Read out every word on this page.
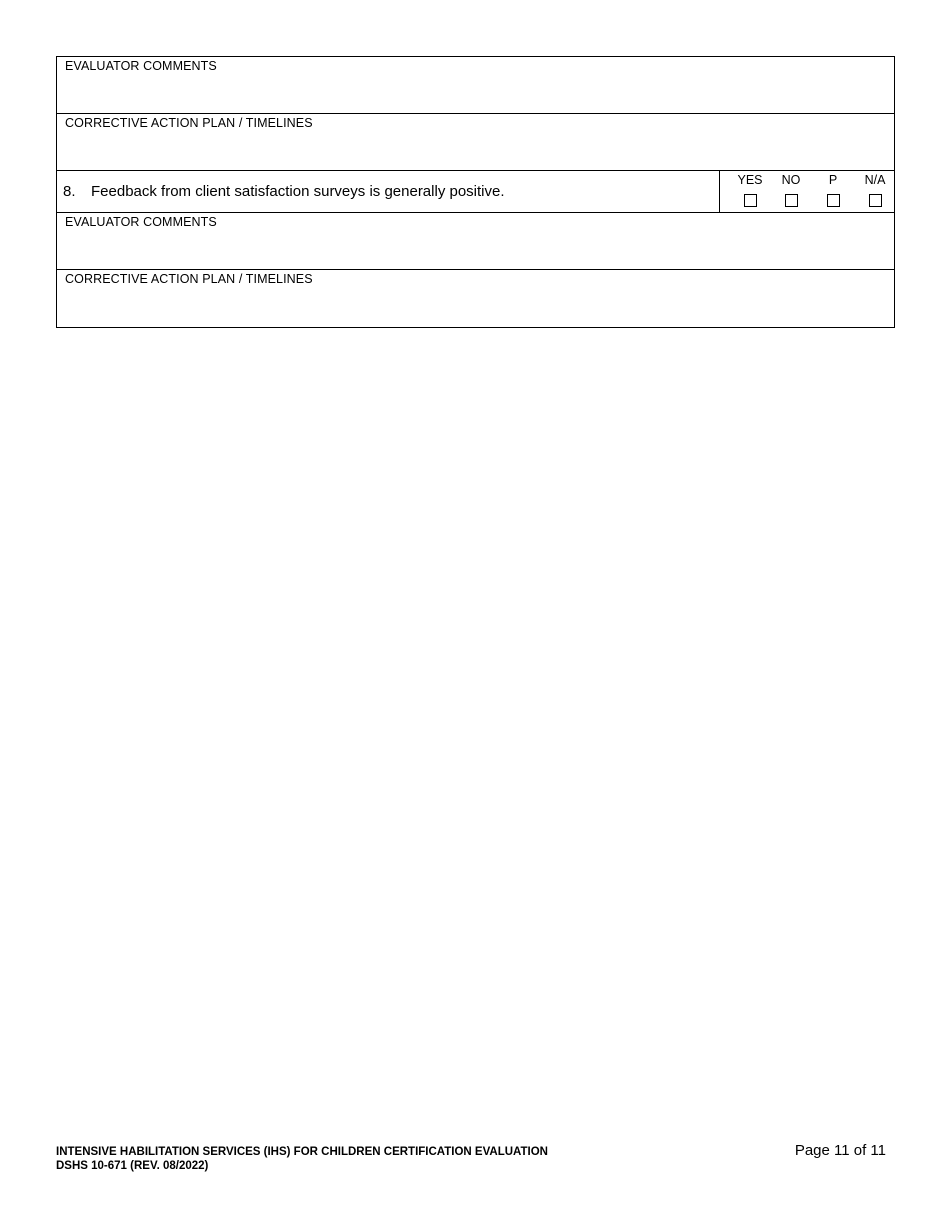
EVALUATOR COMMENTS
CORRECTIVE ACTION PLAN / TIMELINES
8. Feedback from client satisfaction surveys is generally positive.
YES	NO	P	N/A
EVALUATOR COMMENTS
CORRECTIVE ACTION PLAN / TIMELINES
INTENSIVE HABILITATION SERVICES (IHS) FOR CHILDREN CERTIFICATION EVALUATION
DSHS 10-671 (REV. 08/2022)
Page 11 of 11
